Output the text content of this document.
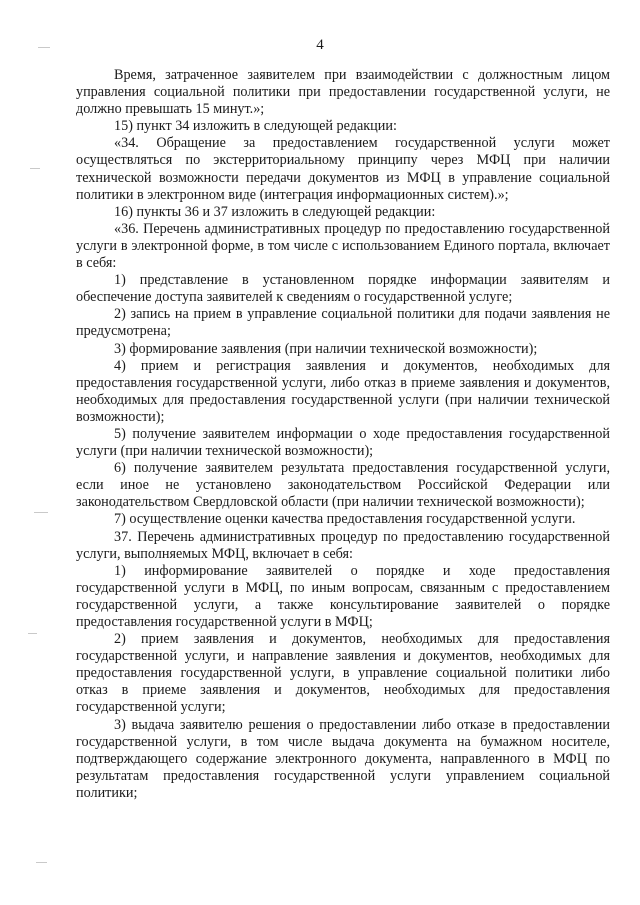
4

Время, затраченное заявителем при взаимодействии с должностным лицом управления социальной политики при предоставлении государственной услуги, не должно превышать 15 минут.»;

15) пункт 34 изложить в следующей редакции:

«34. Обращение за предоставлением государственной услуги может осуществляться по экстерриториальному принципу через МФЦ при наличии технической возможности передачи документов из МФЦ в управление социальной политики в электронном виде (интеграция информационных систем).»;

16) пункты 36 и 37 изложить в следующей редакции:

«36. Перечень административных процедур по предоставлению государственной услуги в электронной форме, в том числе с использованием Единого портала, включает в себя:

1) представление в установленном порядке информации заявителям и обеспечение доступа заявителей к сведениям о государственной услуге;

2) запись на прием в управление социальной политики для подачи заявления не предусмотрена;

3) формирование заявления (при наличии технической возможности);

4) прием и регистрация заявления и документов, необходимых для предоставления государственной услуги, либо отказ в приеме заявления и документов, необходимых для предоставления государственной услуги (при наличии технической возможности);

5) получение заявителем информации о ходе предоставления государственной услуги (при наличии технической возможности);

6) получение заявителем результата предоставления государственной услуги, если иное не установлено законодательством Российской Федерации или законодательством Свердловской области (при наличии технической возможности);

7) осуществление оценки качества предоставления государственной услуги.

37. Перечень административных процедур по предоставлению государственной услуги, выполняемых МФЦ, включает в себя:

1) информирование заявителей о порядке и ходе предоставления государственной услуги в МФЦ, по иным вопросам, связанным с предоставлением государственной услуги, а также консультирование заявителей о порядке предоставления государственной услуги в МФЦ;

2) прием заявления и документов, необходимых для предоставления государственной услуги, и направление заявления и документов, необходимых для предоставления государственной услуги, в управление социальной политики либо отказ в приеме заявления и документов, необходимых для предоставления государственной услуги;

3) выдача заявителю решения о предоставлении либо отказе в предоставлении государственной услуги, в том числе выдача документа на бумажном носителе, подтверждающего содержание электронного документа, направленного в МФЦ по результатам предоставления государственной услуги управлением социальной политики;
